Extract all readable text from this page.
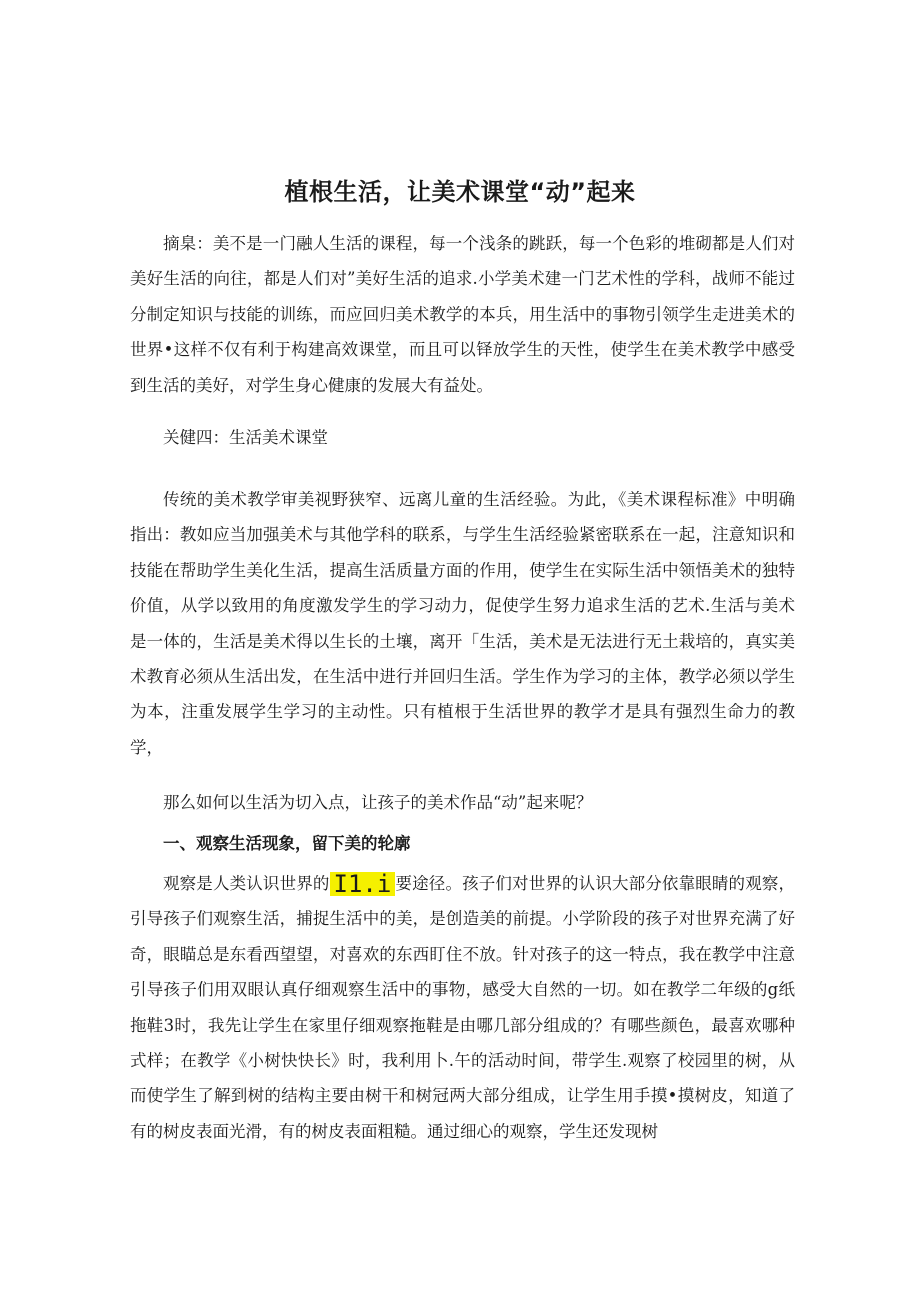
植根生活，让美术课堂“动”起来

摘臬：美不是一门融人生活的课程，每一个浅条的跳跃，每一个色彩的堆砌都是人们对美好生活的向往，都是人们对”美好生活的追求.小学美术建一门艺术性的学科，战师不能过分制定知识与技能的训练，而应回归美术教学的本兵，用生活中的事物引领学生走进美术的世界•这样不仅有利于构建高效课堂，而且可以铎放学生的天性，使学生在美术教学中感受到生活的美好，对学生身心健康的发展大有益处。

关健四：生活美术课堂

传统的美术教学审美视野狭窄、远离儿童的生活经验。为此，《美术课程标准》中明确指出：教如应当加强美术与其他学科的联系，与学生生活经验紧密联系在一起，注意知识和技能在帮助学生美化生活，提高生活质量方面的作用，使学生在实际生活中领悟美术的独特价值，从学以致用的角度激发学生的学习动力，促使学生努力追求生活的艺术.生活与美术是一体的，生活是美术得以生长的土壤，离开「生活，美术是无法进行无土栽培的，真实美术教育必须从生活出发，在生活中进行并回归生活。学生作为学习的主体，教学必须以学生为本，注重发展学生学习的主动性。只有植根于生活世界的教学才是具有强烈生命力的教学，

那么如何以生活为切入点，让孩子的美术作品“动”起来呢？

一、观察生活现象，留下美的轮廓

观察是人类认识世界的 I1.i 要途径。孩子们对世界的认识大部分依靠眼睛的观察，引导孩子们观察生活，捕捉生活中的美，是创造美的前提。小学阶段的孩子对世界充满了好奇，眼瞄总是东看西望望，对喜欢的东西盯住不放。针对孩子的这一特点，我在教学中注意引导孩子们用双眼认真仔细观察生活中的事物，感受大自然的一切。如在教学二年级的g纸拖鞋3时，我先让学生在家里仔细观察拖鞋是由哪几部分组成的？有哪些颜色，最喜欢哪种式样；在教学《小树快快长》时，我利用卜.午的活动时间，带学生.观察了校园里的树，从而使学生了解到树的结构主要由树干和树冠两大部分组成，让学生用手摸•摸树皮，知道了有的树皮表面光滑，有的树皮表面粗糙。通过细心的观察，学生还发现树
